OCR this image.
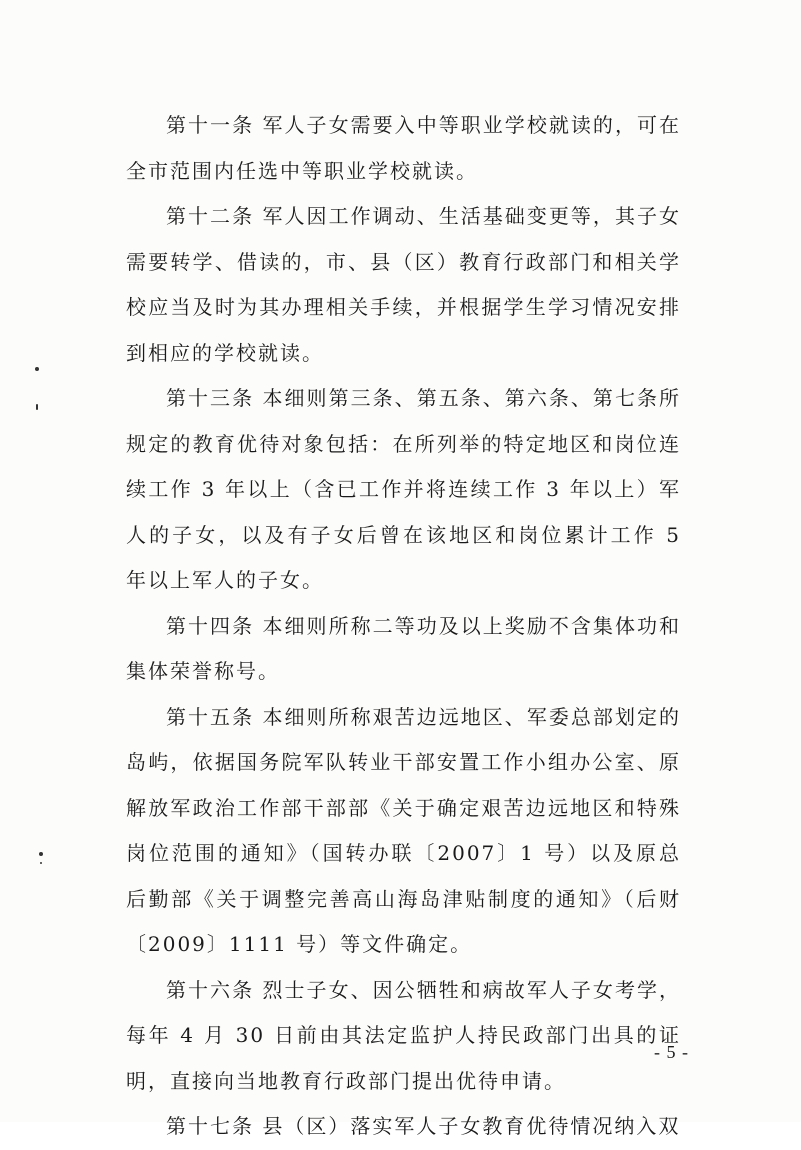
第十一条 军人子女需要入中等职业学校就读的，可在全市范围内任选中等职业学校就读。

第十二条 军人因工作调动、生活基础变更等，其子女需要转学、借读的，市、县（区）教育行政部门和相关学校应当及时为其办理相关手续，并根据学生学习情况安排到相应的学校就读。

第十三条 本细则第三条、第五条、第六条、第七条所规定的教育优待对象包括：在所列举的特定地区和岗位连续工作 3 年以上（含已工作并将连续工作 3 年以上）军人的子女，以及有子女后曾在该地区和岗位累计工作 5 年以上军人的子女。

第十四条 本细则所称二等功及以上奖励不含集体功和集体荣誉称号。

第十五条 本细则所称艰苦边远地区、军委总部划定的岛屿，依据国务院军队转业干部安置工作小组办公室、原解放军政治工作部干部部《关于确定艰苦边远地区和特殊岗位范围的通知》（国转办联〔2007〕1 号）以及原总后勤部《关于调整完善高山海岛津贴制度的通知》（后财〔2009〕1111 号）等文件确定。

第十六条 烈士子女、因公牺牲和病故军人子女考学，每年 4 月 30 日前由其法定监护人持民政部门出具的证明，直接向当地教育行政部门提出优待申请。

第十七条 县（区）落实军人子女教育优待情况纳入双

- 5 -
